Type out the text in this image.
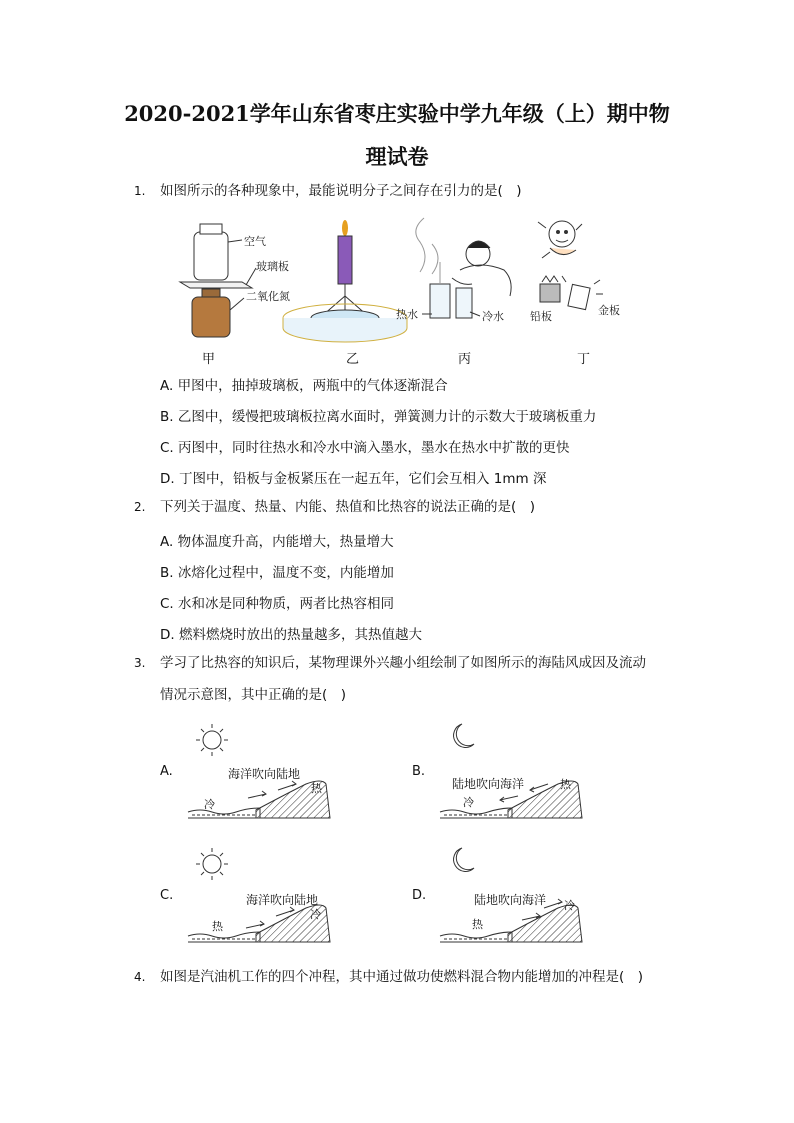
2020-2021学年山东省枣庄实验中学九年级（上）期中物
理试卷
1. 如图所示的各种现象中，最能说明分子之间存在引力的是(　)
空气
玻璃板
二氧化氮
热水	冷水 铅板	金板
甲	乙	丙	丁
A. 甲图中，抽掉玻璃板，两瓶中的气体逐渐混合
B. 乙图中，缓慢把玻璃板拉离水面时，弹簧测力计的示数大于玻璃板重力
C. 丙图中，同时往热水和冷水中滴入墨水，墨水在热水中扩散的更快
D. 丁图中，铅板与金板紧压在一起五年，它们会互相入 1mm 深
2. 下列关于温度、热量、内能、热值和比热容的说法正确的是(　)
A. 物体温度升高，内能增大，热量增大
B. 冰熔化过程中，温度不变，内能增加
C. 水和冰是同种物质，两者比热容相同
D. 燃料燃烧时放出的热量越多，其热值越大
3. 学习了比热容的知识后，某物理课外兴趣小组绘制了如图所示的海陆风成因及流动
情况示意图，其中正确的是(　)
A.	海洋吹向陆地
冷
热
B.
陆地吹向海洋
冷
热
C.	海洋吹向陆地
热
冷
D.	陆地吹向海洋
热
冷
4. 如图是汽油机工作的四个冲程，其中通过做功使燃料混合物内能增加的冲程是(　)
